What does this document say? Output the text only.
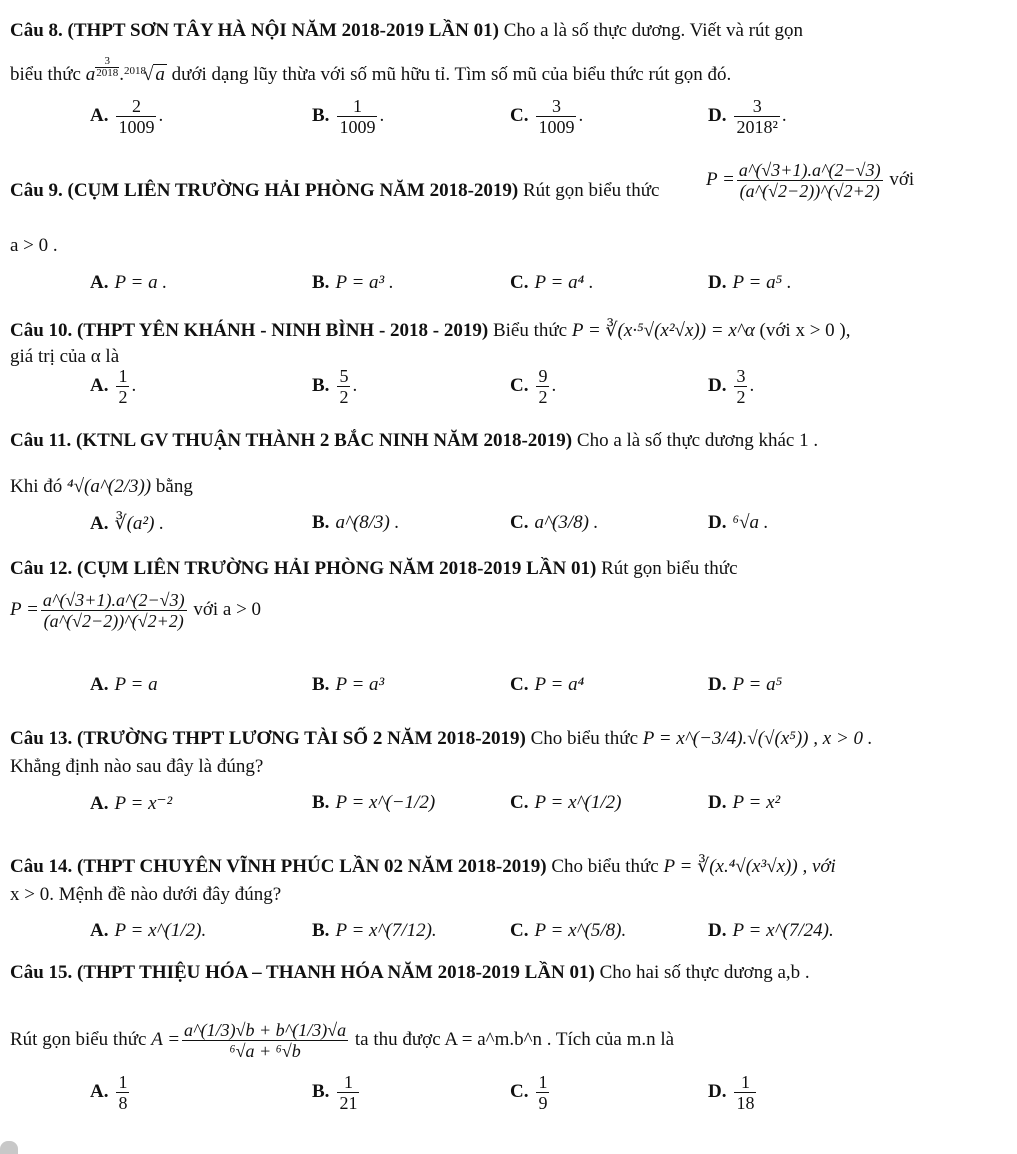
Câu 8. (THPT SƠN TÂY HÀ NỘI NĂM 2018-2019 LẦN 01) Cho a là số thực dương. Viết và rút gọn
biểu thức a $\frac{3}{2018} .^{2018}√$ a dưới dạng lũy thừa với số mũ hữu tỉ. Tìm số mũ của biểu thức rút gọn đó.
A. $\frac{2}{1009}$ .	B. $\frac{1}{1009}$ .	C. $\frac{3}{1009}$ .	D. $\frac{3}{\text{2018²}}$ .
Câu 9. (CỤM LIÊN TRƯỜNG HẢI PHÒNG NĂM 2018-2019) Rút gọn biểu thức
$P = \frac{a\^{}(√3+1).a\^{}(2-√3)}{(a\^{}(√2-2))\^{}(√2+2)}$ với
a > 0 .
A. P = a .	B. P = a³ .	C. P = a⁴ .	D. P = a⁵ .
Câu 10. (THPT YÊN KHÁNH - NINH BÌNH - 2018 - 2019) Biểu thức P = ∛(x·⁵√(x²√x)) = x^α (với x > 0 ),
giá trị của α là
A. $\frac{1}{2}$ .	B. $\frac{5}{2}$ .	C. $\frac{9}{2}$ .	D. $\frac{3}{2}$ .
Câu 11. (KTNL GV THUẬN THÀNH 2 BẮC NINH NĂM 2018-2019) Cho a là số thực dương khác 1 .
Khi đó ⁴√(a^(2/3)) bằng
A. ∛(a²) .	B. a^(8/3) .	C. a^(3/8) .	D. ⁶√a .
Câu 12. (CỤM LIÊN TRƯỜNG HẢI PHÒNG NĂM 2018-2019 LẦN 01) Rút gọn biểu thức
$P = \frac{a\^{}(√3+1).a\^{}(2-√3)}{(a\^{}(√2-2))\^{}(√2+2)}$ với a > 0
A. P = a	B. P = a³	C. P = a⁴	D. P = a⁵
Câu 13. (TRƯỜNG THPT LƯƠNG TÀI SỐ 2 NĂM 2018-2019) Cho biểu thức P = x^(−3/4).√(√(x⁵)) , x > 0 .
Khẳng định nào sau đây là đúng?
A. P = x⁻²	B. P = x^(−1/2)	C. P = x^(1/2)	D. P = x²
Câu 14. (THPT CHUYÊN VĨNH PHÚC LẦN 02 NĂM 2018-2019) Cho biểu thức P = ∛(x.⁴√(x³√x)) , với
x > 0. Mệnh đề nào dưới đây đúng?
A. P = x^(1/2).	B. P = x^(7/12).	C. P = x^(5/8).	D. P = x^(7/24).
Câu 15. (THPT THIỆU HÓA – THANH HÓA NĂM 2018-2019 LẦN 01) Cho hai số thực dương a,b .
Rút gọn biểu thức $A = \frac{a\^{}(1/3)√b + b\^{}(1/3)√a}{\text{⁶√a + ⁶√b}}$ ta thu được A = a^m.b^n . Tích của m.n là
A. $\frac{1}{8}$	B. $\frac{1}{21}$	C. $\frac{1}{9}$	D. $\frac{1}{18}$
